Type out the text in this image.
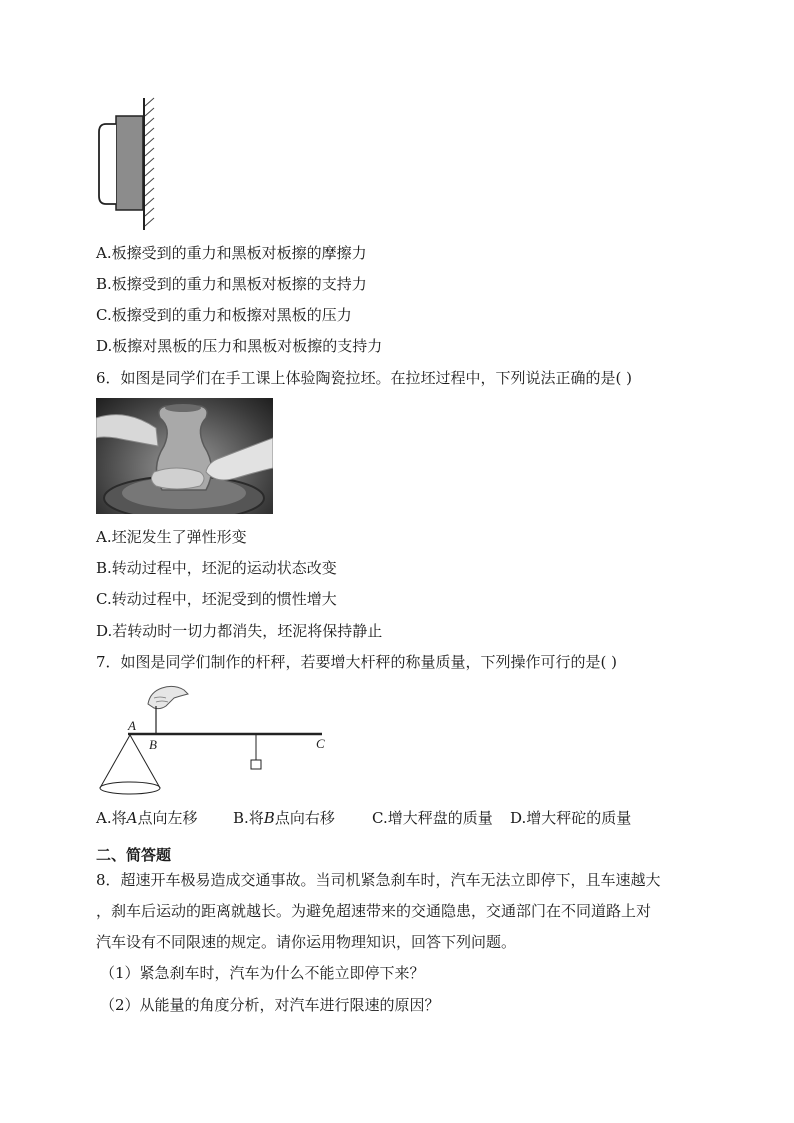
A.板擦受到的重力和黑板对板擦的摩擦力
B.板擦受到的重力和黑板对板擦的支持力
C.板擦受到的重力和板擦对黑板的压力
D.板擦对黑板的压力和黑板对板擦的支持力
6．如图是同学们在手工课上体验陶瓷拉坯。在拉坯过程中，下列说法正确的是( )
A.坯泥发生了弹性形变
B.转动过程中，坯泥的运动状态改变
C.转动过程中，坯泥受到的惯性增大
D.若转动时一切力都消失，坯泥将保持静止
7．如图是同学们制作的杆秤，若要增大杆秤的称量质量，下列操作可行的是( )
A
B	C
A.将A点向左移 B.将B点向右移 C.增大秤盘的质量 D.增大秤砣的质量
二、简答题
8．超速开车极易造成交通事故。当司机紧急刹车时，汽车无法立即停下，且车速越大
，刹车后运动的距离就越长。为避免超速带来的交通隐患，交通部门在不同道路上对
汽车设有不同限速的规定。请你运用物理知识，回答下列问题。
（1）紧急刹车时，汽车为什么不能立即停下来？
（2）从能量的角度分析，对汽车进行限速的原因？
